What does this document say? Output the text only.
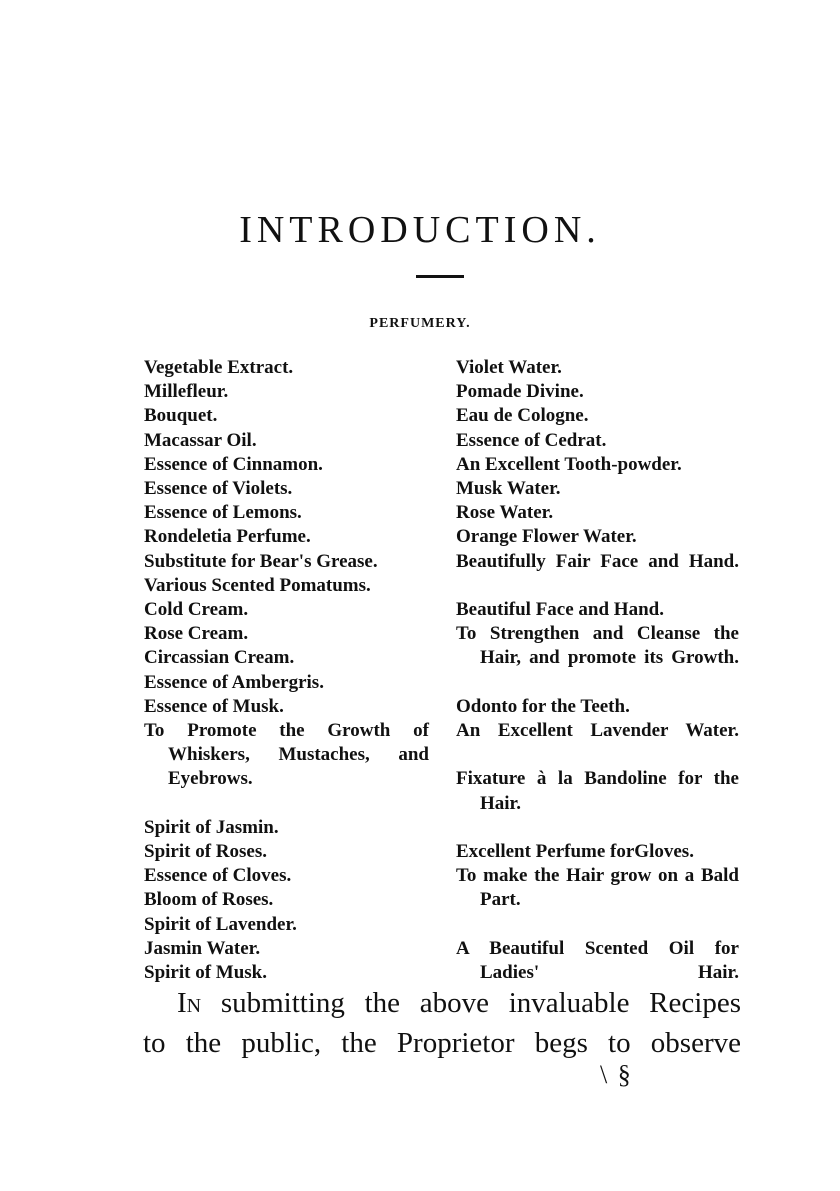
INTRODUCTION.
PERFUMERY.
Vegetable Extract.
Millefleur.
Bouquet.
Macassar Oil.
Essence of Cinnamon.
Essence of Violets.
Essence of Lemons.
Rondeletia Perfume.
Substitute for Bear's Grease.
Various Scented Pomatums.
Cold Cream.
Rose Cream.
Circassian Cream.
Essence of Ambergris.
Essence of Musk.
To Promote the Growth of Whiskers, Mustaches, and Eyebrows.
Spirit of Jasmin.
Spirit of Roses.
Essence of Cloves.
Bloom of Roses.
Spirit of Lavender.
Jasmin Water.
Spirit of Musk.
Violet Water.
Pomade Divine.
Eau de Cologne.
Essence of Cedrat.
An Excellent Tooth-powder.
Musk Water.
Rose Water.
Orange Flower Water.
Beautifully Fair Face and Hand.
Beautiful Face and Hand.
To Strengthen and Cleanse the Hair, and promote its Growth.
Odonto for the Teeth.
An Excellent Lavender Water.
Fixature à la Bandoline for the Hair.
Excellent Perfume forGloves.
To make the Hair grow on a Bald Part.
A Beautiful Scented Oil for Ladies' Hair.

In submitting the above invaluable Recipes
to the public, the Proprietor begs to observe

\ §
